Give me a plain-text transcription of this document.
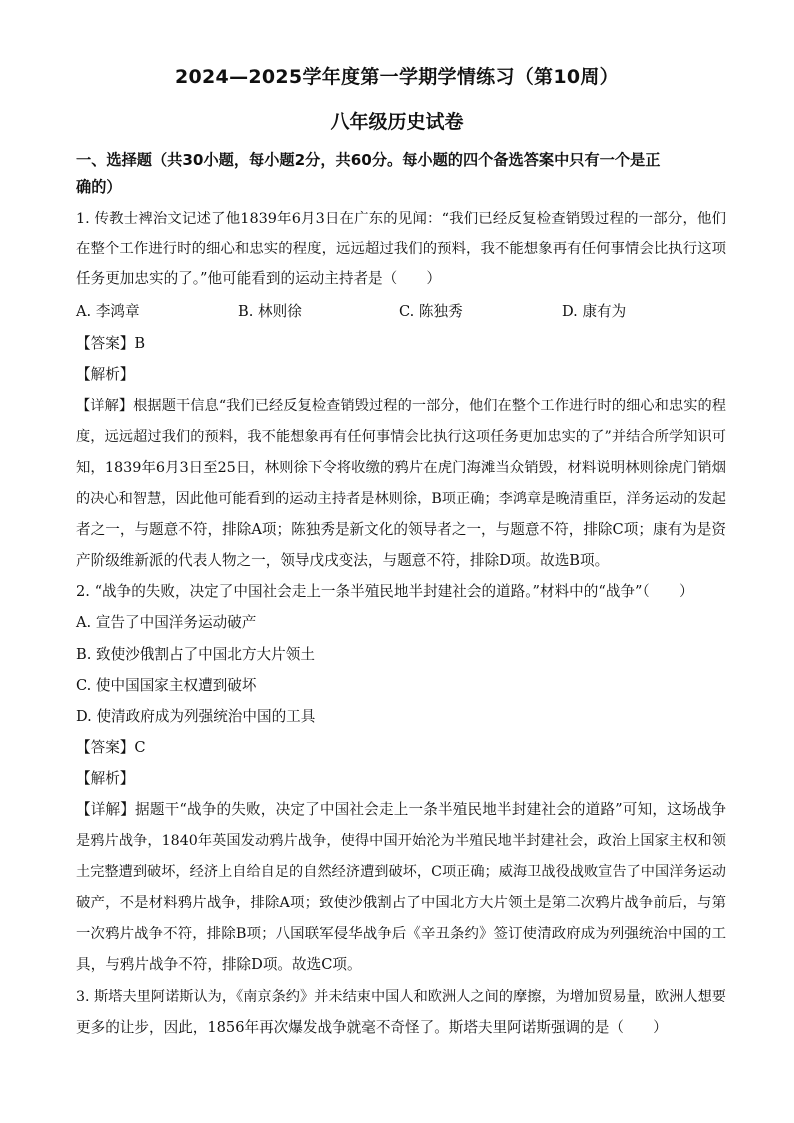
2024—2025学年度第一学期学情练习（第10周）
八年级历史试卷
一、选择题（共30小题，每小题2分，共60分。每小题的四个备选答案中只有一个是正
确的）
1. 传教士裨治文记述了他1839年6月3日在广东的见闻：“我们已经反复检查销毁过程的一部分，他们
在整个工作进行时的细心和忠实的程度，远远超过我们的预料，我不能想象再有任何事情会比执行这项
任务更加忠实的了。”他可能看到的运动主持者是（　　）
A. 李鸿章	B. 林则徐	C. 陈独秀	D. 康有为
【答案】B
【解析】
【详解】根据题干信息“我们已经反复检查销毁过程的一部分，他们在整个工作进行时的细心和忠实的程
度，远远超过我们的预料，我不能想象再有任何事情会比执行这项任务更加忠实的了”并结合所学知识可
知，1839年6月3日至25日，林则徐下令将收缴的鸦片在虎门海滩当众销毁，材料说明林则徐虎门销烟
的决心和智慧，因此他可能看到的运动主持者是林则徐，B项正确；李鸿章是晚清重臣，洋务运动的发起
者之一，与题意不符，排除A项；陈独秀是新文化的领导者之一，与题意不符，排除C项；康有为是资
产阶级维新派的代表人物之一，领导戊戌变法，与题意不符，排除D项。故选B项。
2. “战争的失败，决定了中国社会走上一条半殖民地半封建社会的道路。”材料中的“战争”（　　）
A. 宣告了中国洋务运动破产
B. 致使沙俄割占了中国北方大片领土
C. 使中国国家主权遭到破坏
D. 使清政府成为列强统治中国的工具
【答案】C
【解析】
【详解】据题干“战争的失败，决定了中国社会走上一条半殖民地半封建社会的道路”可知，这场战争
是鸦片战争，1840年英国发动鸦片战争，使得中国开始沦为半殖民地半封建社会，政治上国家主权和领
土完整遭到破坏，经济上自给自足的自然经济遭到破坏，C项正确；威海卫战役战败宣告了中国洋务运动
破产，不是材料鸦片战争，排除A项；致使沙俄割占了中国北方大片领土是第二次鸦片战争前后，与第
一次鸦片战争不符，排除B项；八国联军侵华战争后《辛丑条约》签订使清政府成为列强统治中国的工
具，与鸦片战争不符，排除D项。故选C项。
3. 斯塔夫里阿诺斯认为，《南京条约》并未结束中国人和欧洲人之间的摩擦，为增加贸易量，欧洲人想要
更多的让步，因此，1856年再次爆发战争就毫不奇怪了。斯塔夫里阿诺斯强调的是（　　）
